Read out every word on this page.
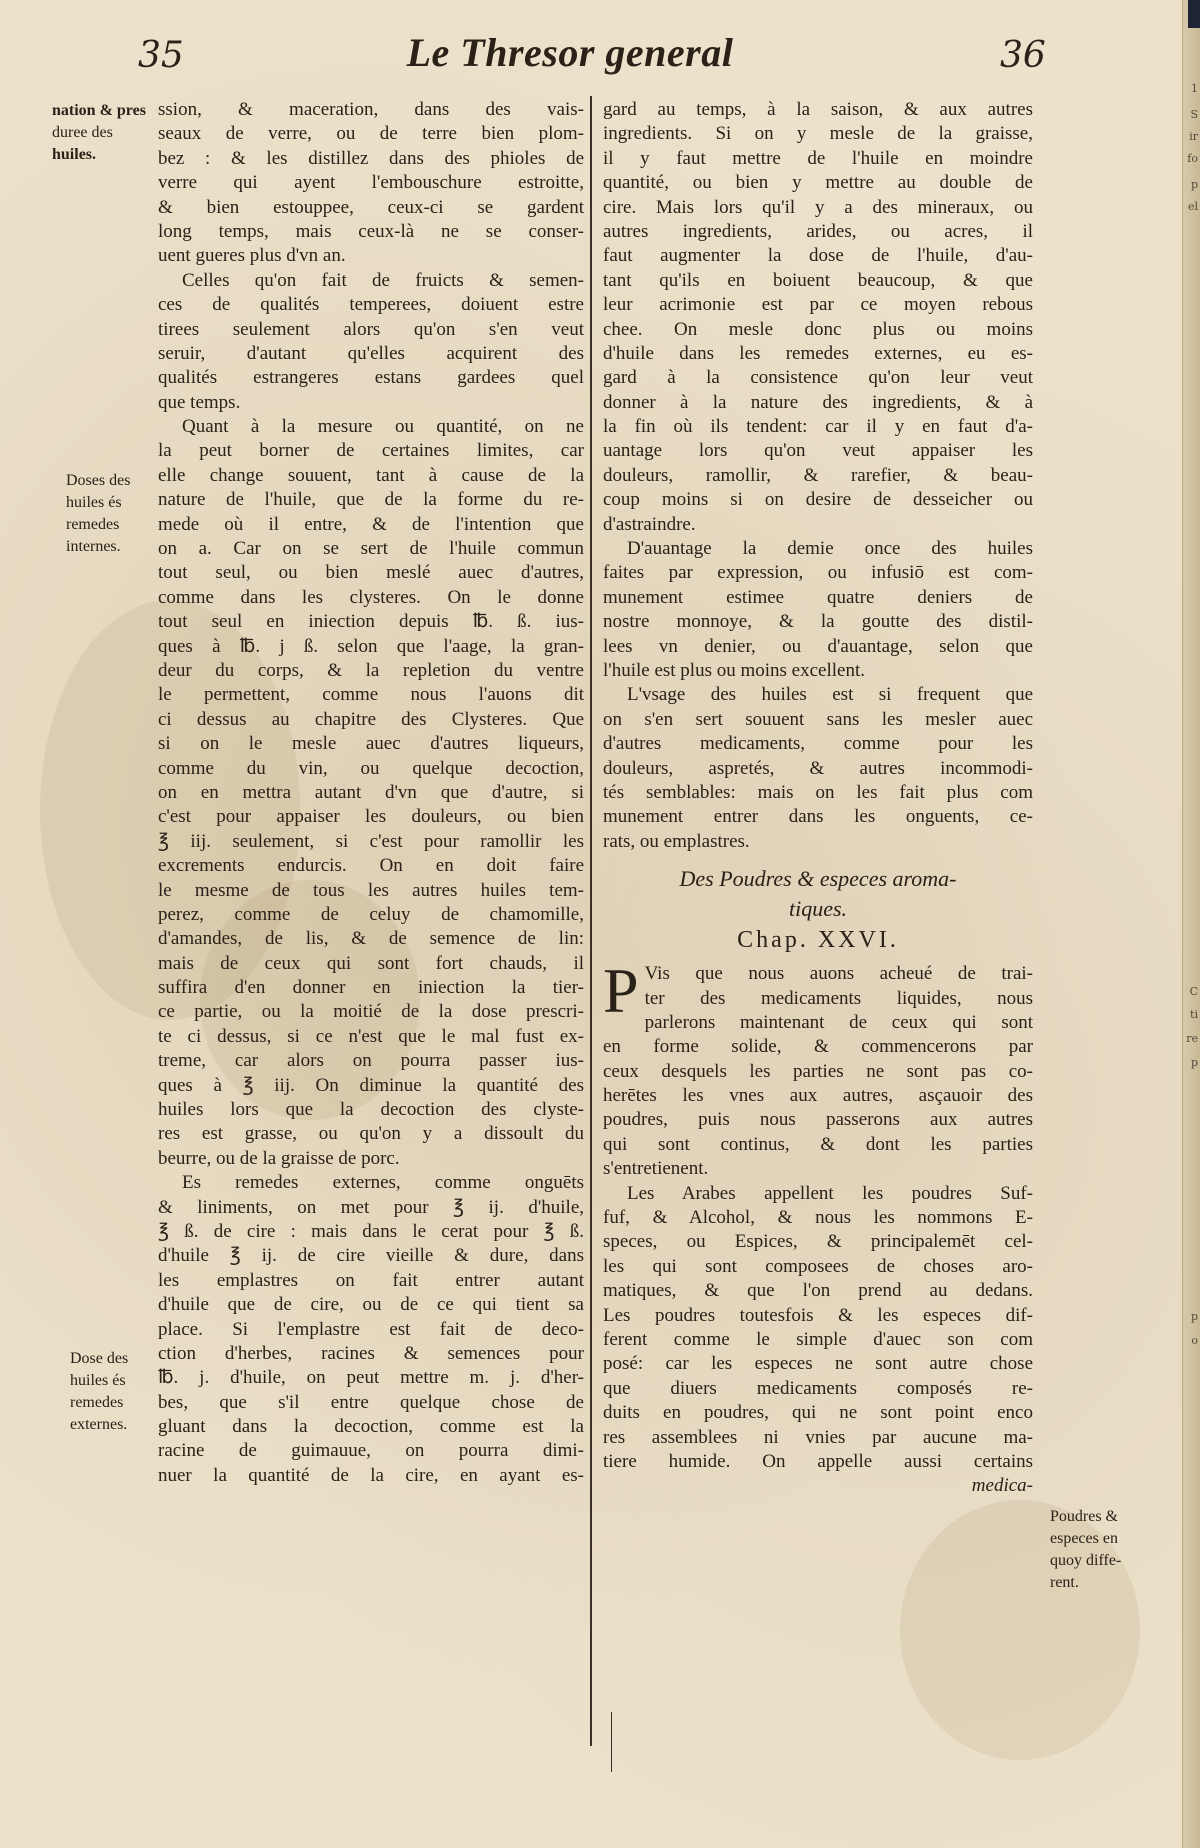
1
S
ir
fo
p
el
C
ti
re
p
p
o
35	Le Thresor general	36
nation & pres
duree des
huiles.
Doses des
huiles és
remedes
internes.
Dose des
huiles és
remedes
externes.
ssion, & maceration, dans des vais-
seaux de verre, ou de terre bien plom-
bez : & les distillez dans des phioles de
verre qui ayent l'embouschure estroitte,
& bien estouppee, ceux-ci se gardent
long temps, mais ceux-là ne se conser-
uent gueres plus d'vn an.
Celles qu'on fait de fruicts & semen-
ces de qualités temperees, doiuent estre
tirees seulement alors qu'on s'en veut
seruir, d'autant qu'elles acquirent des
qualités estrangeres estans gardees quel
que temps.
Quant à la mesure ou quantité, on ne
la peut borner de certaines limites, car
elle change souuent, tant à cause de la
nature de l'huile, que de la forme du re-
mede où il entre, & de l'intention que
on a. Car on se sert de l'huile commun
tout seul, ou bien meslé auec d'autres,
comme dans les clysteres. On le donne
tout seul en iniection depuis ℔. ß. ius-
ques à ℔. j ß. selon que l'aage, la gran-
deur du corps, & la repletion du ventre
le permettent, comme nous l'auons dit
ci dessus au chapitre des Clysteres. Que
si on le mesle auec d'autres liqueurs,
comme du vin, ou quelque decoction,
on en mettra autant d'vn que d'autre, si
c'est pour appaiser les douleurs, ou bien
℥ iij. seulement, si c'est pour ramollir les
excrements endurcis. On en doit faire
le mesme de tous les autres huiles tem-
perez, comme de celuy de chamomille,
d'amandes, de lis, & de semence de lin:
mais de ceux qui sont fort chauds, il
suffira d'en donner en iniection la tier-
ce partie, ou la moitié de la dose prescri-
te ci dessus, si ce n'est que le mal fust ex-
treme, car alors on pourra passer ius-
ques à ℥ iij. On diminue la quantité des
huiles lors que la decoction des clyste-
res est grasse, ou qu'on y a dissoult du
beurre, ou de la graisse de porc.
Es remedes externes, comme onguēts
& liniments, on met pour ℥ ij. d'huile,
℥ ß. de cire : mais dans le cerat pour ℥ ß.
d'huile ℥ ij. de cire vieille & dure, dans
les emplastres on fait entrer autant
d'huile que de cire, ou de ce qui tient sa
place. Si l'emplastre est fait de deco-
ction d'herbes, racines & semences pour
℔. j. d'huile, on peut mettre m. j. d'her-
bes, que s'il entre quelque chose de
gluant dans la decoction, comme est la
racine de guimauue, on pourra dimi-
nuer la quantité de la cire, en ayant es-
gard au temps, à la saison, & aux autres
ingredients. Si on y mesle de la graisse,
il y faut mettre de l'huile en moindre
quantité, ou bien y mettre au double de
cire. Mais lors qu'il y a des mineraux, ou
autres ingredients, arides, ou acres, il
faut augmenter la dose de l'huile, d'au-
tant qu'ils en boiuent beaucoup, & que
leur acrimonie est par ce moyen rebous
chee. On mesle donc plus ou moins
d'huile dans les remedes externes, eu es-
gard à la consistence qu'on leur veut
donner à la nature des ingredients, & à
la fin où ils tendent: car il y en faut d'a-
uantage lors qu'on veut appaiser les
douleurs, ramollir, & rarefier, & beau-
coup moins si on desire de desseicher ou
d'astraindre.
D'auantage la demie once des huiles
faites par expression, ou infusiō est com-
munement estimee quatre deniers de
nostre monnoye, & la goutte des distil-
lees vn denier, ou d'auantage, selon que
l'huile est plus ou moins excellent.
L'vsage des huiles est si frequent que
on s'en sert souuent sans les mesler auec
d'autres medicaments, comme pour les
douleurs, aspretés, & autres incommodi-
tés semblables: mais on les fait plus com
munement entrer dans les onguents, ce-
rats, ou emplastres.
Des Poudres & especes aroma-
tiques.
Chap. XXVI.
P Vis que nous auons acheué de trai-
ter des medicaments liquides, nous
parlerons maintenant de ceux qui sont
en forme solide, & commencerons par
ceux desquels les parties ne sont pas co-
herētes les vnes aux autres, asçauoir des
poudres, puis nous passerons aux autres
qui sont continus, & dont les parties
s'entretienent.
Les Arabes appellent les poudres Suf-
fuf, & Alcohol, & nous les nommons E-
speces, ou Espices, & principalemēt cel-
les qui sont composees de choses aro-
matiques, & que l'on prend au dedans.
Les poudres toutesfois & les especes dif-
ferent comme le simple d'auec son com
posé: car les especes ne sont autre chose
que diuers medicaments composés re-
duits en poudres, qui ne sont point enco
res assemblees ni vnies par aucune ma-
tiere humide. On appelle aussi certains
medica-
Poudres &
especes en
quoy diffe-
rent.
